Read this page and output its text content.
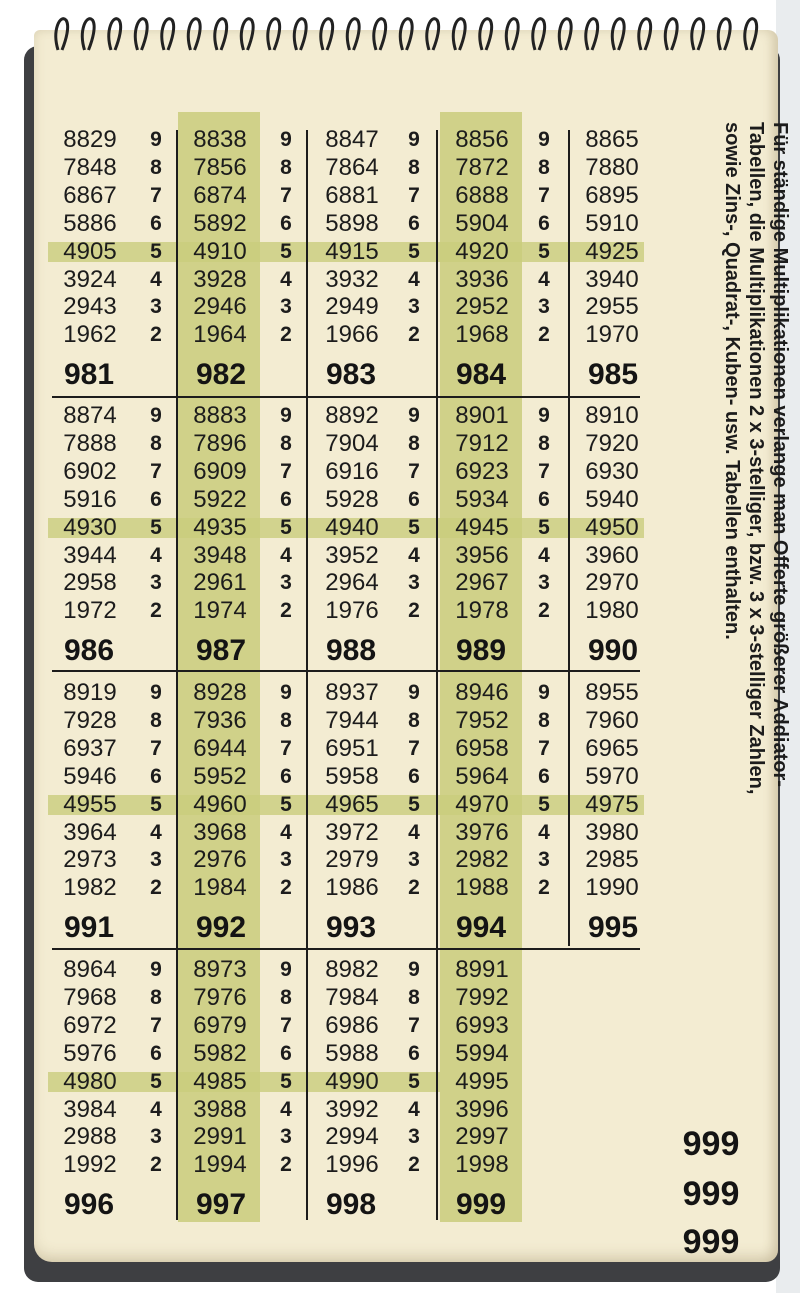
8829
7848
6867
5886
4905
3924
2943
1962
981
9
8
7
6
5
4
3
2
8838
7856
6874
5892
4910
3928
2946
1964
982
9
8
7
6
5
4
3
2
8847
7864
6881
5898
4915
3932
2949
1966
983
9
8
7
6
5
4
3
2
8856
7872
6888
5904
4920
3936
2952
1968
984
9
8
7
6
5
4
3
2
8865
7880
6895
5910
4925
3940
2955
1970
985
8874
7888
6902
5916
4930
3944
2958
1972
986
9
8
7
6
5
4
3
2
8883
7896
6909
5922
4935
3948
2961
1974
987
9
8
7
6
5
4
3
2
8892
7904
6916
5928
4940
3952
2964
1976
988
9
8
7
6
5
4
3
2
8901
7912
6923
5934
4945
3956
2967
1978
989
9
8
7
6
5
4
3
2
8910
7920
6930
5940
4950
3960
2970
1980
990
8919
7928
6937
5946
4955
3964
2973
1982
991
9
8
7
6
5
4
3
2
8928
7936
6944
5952
4960
3968
2976
1984
992
9
8
7
6
5
4
3
2
8937
7944
6951
5958
4965
3972
2979
1986
993
9
8
7
6
5
4
3
2
8946
7952
6958
5964
4970
3976
2982
1988
994
9
8
7
6
5
4
3
2
8955
7960
6965
5970
4975
3980
2985
1990
995
8964
7968
6972
5976
4980
3984
2988
1992
996
9
8
7
6
5
4
3
2
8973
7976
6979
5982
4985
3988
2991
1994
997
9
8
7
6
5
4
3
2
8982
7984
6986
5988
4990
3992
2994
1996
998
9
8
7
6
5
4
3
2
8991
7992
6993
5994
4995
3996
2997
1998
999
Für ständige Multiplikationen verlange man Offerte größerer Addiator-
Tabellen, die Multiplikationen 2 x 3-stelliger, bzw. 3 x 3-stelliger Zahlen,
sowie Zins-, Quadrat-, Kuben- usw. Tabellen enthalten.
999
999
999
